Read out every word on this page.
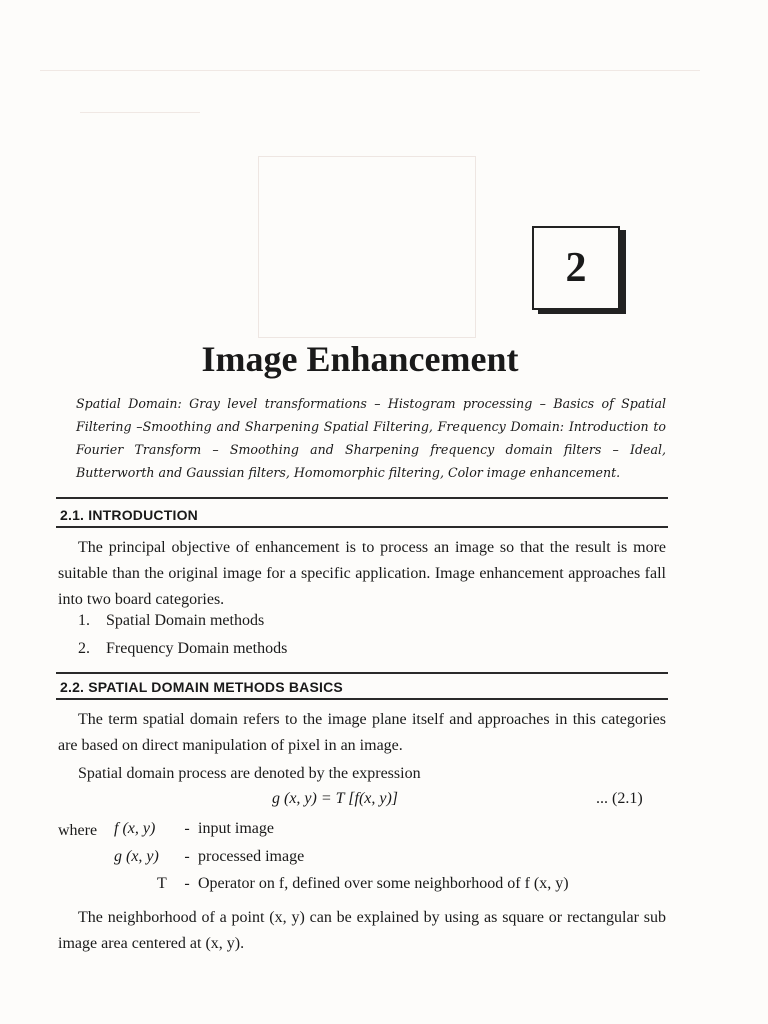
2
Image Enhancement
Spatial Domain: Gray level transformations – Histogram processing – Basics of Spatial Filtering –Smoothing and Sharpening Spatial Filtering, Frequency Domain: Introduction to Fourier Transform – Smoothing and Sharpening frequency domain filters – Ideal, Butterworth and Gaussian filters, Homomorphic filtering, Color image enhancement.
2.1. INTRODUCTION
The principal objective of enhancement is to process an image so that the result is more suitable than the original image for a specific application. Image enhancement approaches fall into two board categories.
1. Spatial Domain methods
2. Frequency Domain methods
2.2. SPATIAL DOMAIN METHODS BASICS
The term spatial domain refers to the image plane itself and approaches in this categories are based on direct manipulation of pixel in an image.
Spatial domain process are denoted by the expression
g (x, y) = T [f(x, y)]	... (2.1)
where f (x, y) - input image
g (x, y) - processed image
T - Operator on f, defined over some neighborhood of f (x, y)
The neighborhood of a point (x, y) can be explained by using as square or rectangular sub image area centered at (x, y).
